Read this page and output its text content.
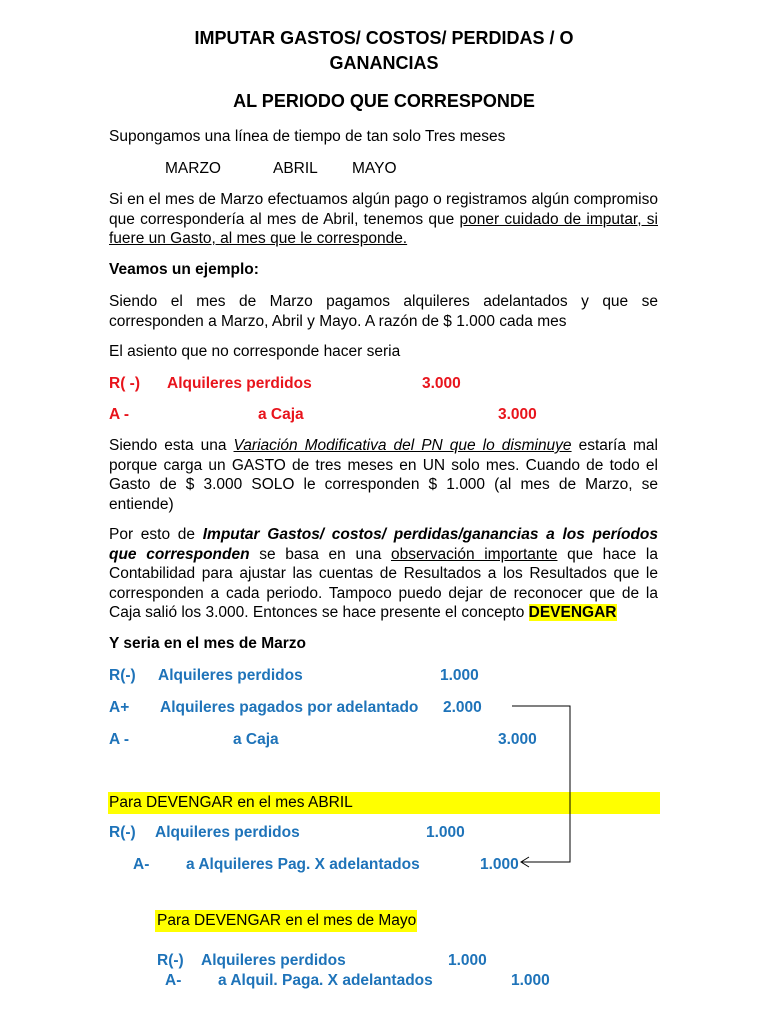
IMPUTAR GASTOS/ COSTOS/ PERDIDAS / O
GANANCIAS
AL PERIODO QUE CORRESPONDE
Supongamos una línea de tiempo de tan solo Tres meses
MARZO	ABRIL MAYO
Si en el mes de Marzo efectuamos algún pago o registramos algún compromiso que correspondería al mes de Abril, tenemos que poner cuidado de imputar, si fuere un Gasto, al mes que le corresponde.
Veamos un ejemplo:
Siendo el mes de Marzo pagamos alquileres adelantados y que se corresponden a Marzo, Abril y Mayo. A razón de $ 1.000 cada mes
El asiento que no corresponde hacer seria
R( -) Alquileres perdidos	3.000
A -	a Caja	3.000
Siendo esta una Variación Modificativa del PN que lo disminuye estaría mal porque carga un GASTO de tres meses en UN solo mes. Cuando de todo el Gasto de $ 3.000 SOLO le corresponden $ 1.000 (al mes de Marzo, se entiende)
Por esto de Imputar Gastos/ costos/ perdidas/ganancias a los períodos que corresponden se basa en una observación importante que hace la Contabilidad para ajustar las cuentas de Resultados a los Resultados que le corresponden a cada periodo. Tampoco puedo dejar de reconocer que de la Caja salió los 3.000. Entonces se hace presente el concepto DEVENGAR
Y seria en el mes de Marzo
R(-) Alquileres perdidos	1.000
A+ Alquileres pagados por adelantado 2.000
A -	a Caja	3.000
Para DEVENGAR en el mes ABRIL
R(-) Alquileres perdidos	1.000
A- a Alquileres Pag. X adelantados	1.000
Para DEVENGAR en el mes de Mayo
R(-) Alquileres perdidos	1.000
A- a Alquil. Paga. X adelantados	1.000
